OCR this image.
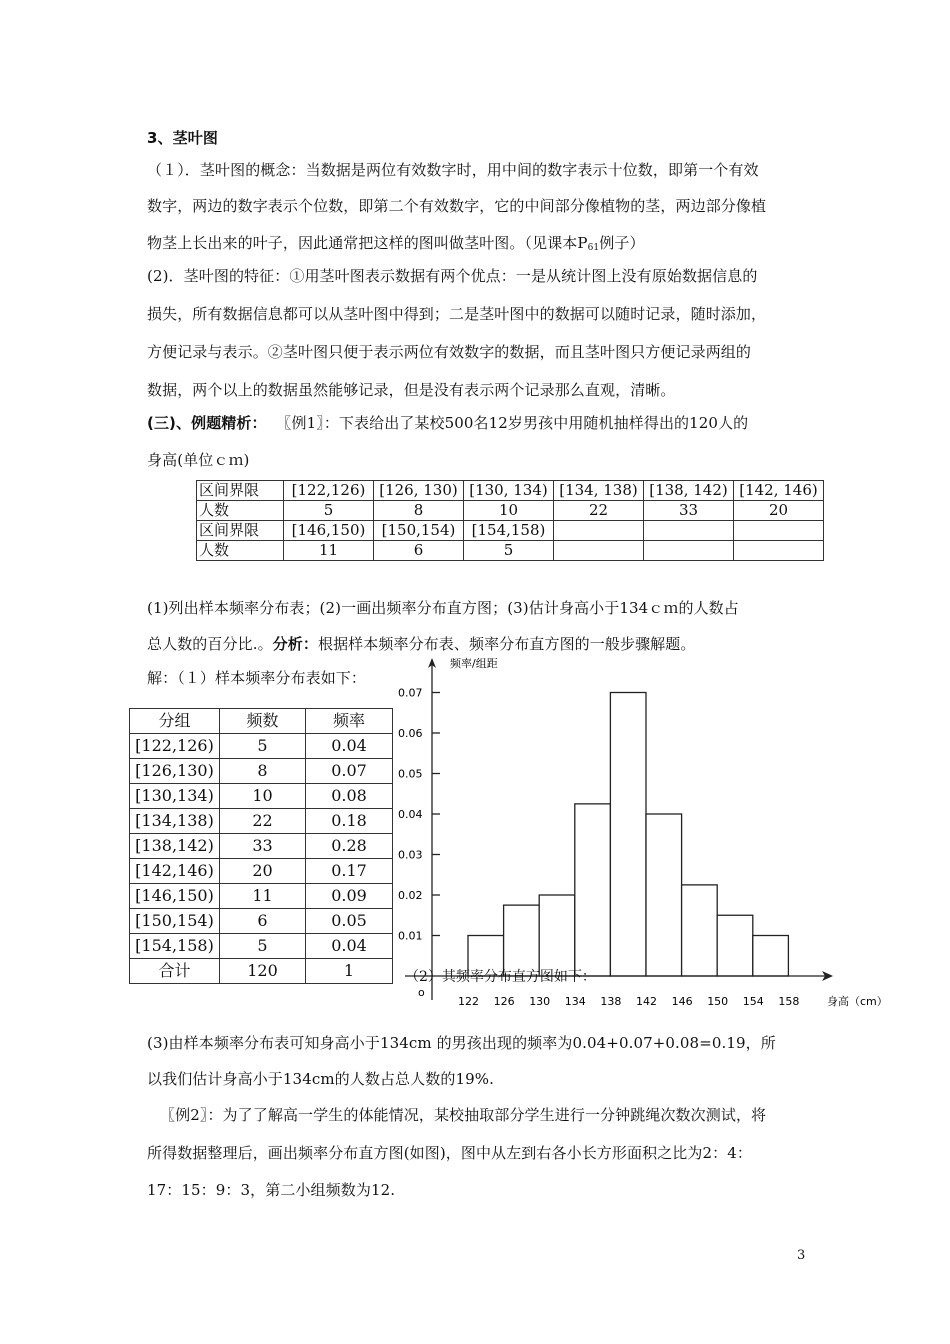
3、茎叶图
（１）．茎叶图的概念：当数据是两位有效数字时，用中间的数字表示十位数，即第一个有效
数字，两边的数字表示个位数，即第二个有效数字，它的中间部分像植物的茎，两边部分像植
物茎上长出来的叶子，因此通常把这样的图叫做茎叶图。（见课本$P_{61}$例子）
(2)．茎叶图的特征：①用茎叶图表示数据有两个优点：一是从统计图上没有原始数据信息的
损失，所有数据信息都可以从茎叶图中得到；二是茎叶图中的数据可以随时记录，随时添加，
方便记录与表示。②茎叶图只便于表示两位有效数字的数据，而且茎叶图只方便记录两组的
数据，两个以上的数据虽然能够记录，但是没有表示两个记录那么直观，清晰。
(三)、例题精析： 〖例1〗：下表给出了某校500名12岁男孩中用随机抽样得出的120人的
身高(单位ｃｍ)
区间界限	[122,126)	[126, 130)	[130, 134)	[134, 138)	[138, 142)	[142, 146)
人数	5	8	10	22	33	20
区间界限	[146,150)	[150,154)	[154,158)			
人数	11	6	5			
(1)列出样本频率分布表；(2)一画出频率分布直方图；(3)估计身高小于134ｃｍ的人数占
总人数的百分比.。分析：根据样本频率分布表、频率分布直方图的一般步骤解题。
解：（１）样本频率分布表如下：
分组	频数	频率
[122,126)	5	0.04
[126,130)	8	0.07
[130,134)	10	0.08
[134,138)	22	0.18
[138,142)	33	0.28
[142,146)	20	0.17
[146,150)	11	0.09
[150,154)	6	0.05
[154,158)	5	0.04
合计	120	1
0.01
0.02
0.03
0.04
0.05
0.06
0.07
122 126 130 134 138 142 146 150 154 158
频率/组距
身高（cm）
o
（2）其频率分布直方图如下：
(3)由样本频率分布表可知身高小于134cm 的男孩出现的频率为0.04+0.07+0.08=0.19，所
以我们估计身高小于134cm的人数占总人数的19%.
〖例2〗：为了了解高一学生的体能情况，某校抽取部分学生进行一分钟跳绳次数次测试，将
所得数据整理后，画出频率分布直方图(如图)，图中从左到右各小长方形面积之比为2：4：
17：15：9：3，第二小组频数为12.
3
